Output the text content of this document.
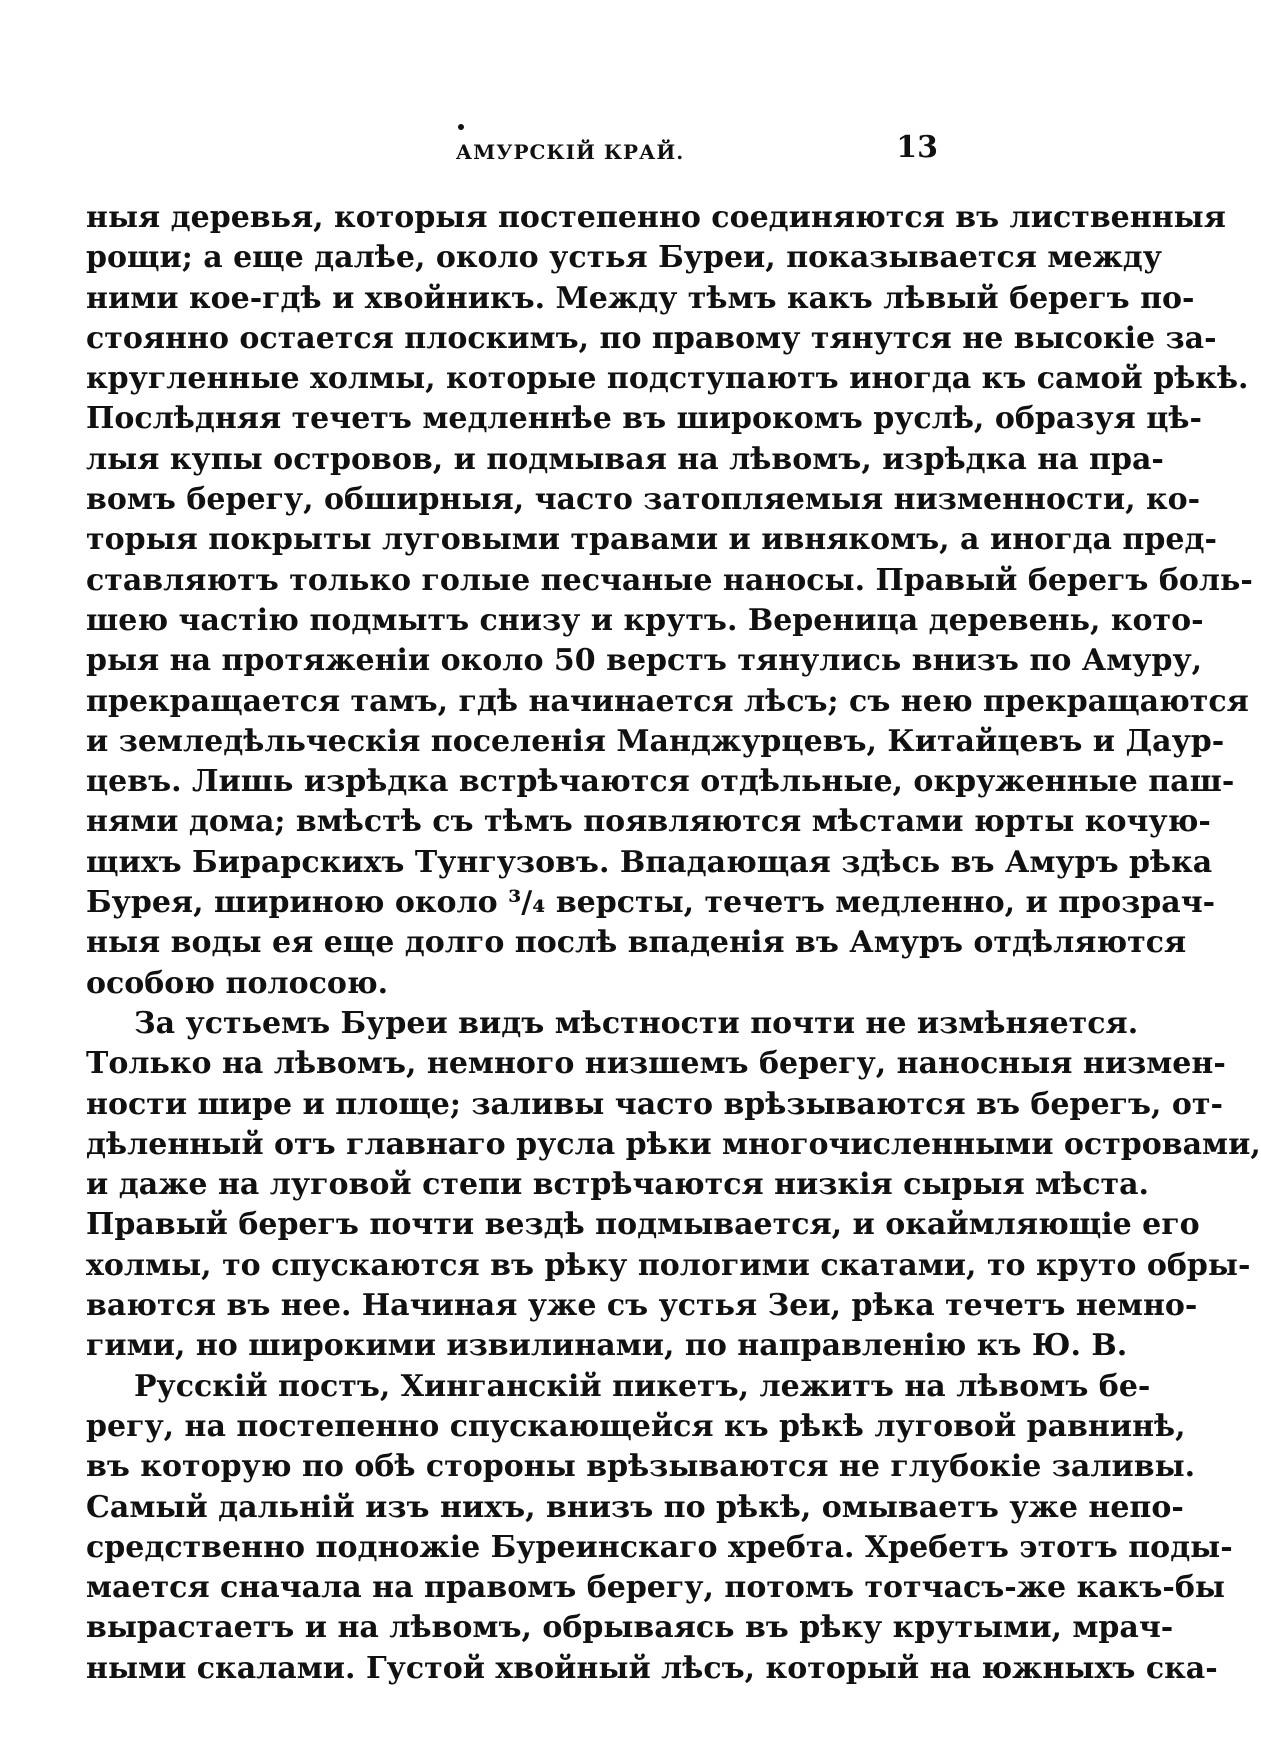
АМУРСКІЙ КРАЙ.	13
ныя деревья, которыя постепенно соединяются въ лиственныя
рощи; а еще далѣе, около устья Буреи, показывается между
ними кое-гдѣ и хвойникъ. Между тѣмъ какъ лѣвый берегъ по-
стоянно остается плоскимъ, по правому тянутся не высокіе за-
кругленные холмы, которые подступаютъ иногда къ самой рѣкѣ.
Послѣдняя течетъ медленнѣе въ широкомъ руслѣ, образуя цѣ-
лыя купы островов, и подмывая на лѣвомъ, изрѣдка на пра-
вомъ берегу, обширныя, часто затопляемыя низменности, ко-
торыя покрыты луговыми травами и ивнякомъ, а иногда пред-
ставляютъ только голые песчаные наносы. Правый берегъ боль-
шею частію подмытъ снизу и крутъ. Вереница деревень, кото-
рыя на протяженіи около 50 верстъ тянулись внизъ по Амуру,
прекращается тамъ, гдѣ начинается лѣсъ; съ нею прекращаются
и земледѣльческія поселенія Манджурцевъ, Китайцевъ и Даур-
цевъ. Лишь изрѣдка встрѣчаются отдѣльные, окруженные паш-
нями дома; вмѣстѣ съ тѣмъ появляются мѣстами юрты кочую-
щихъ Бирарскихъ Тунгузовъ. Впадающая здѣсь въ Амуръ рѣка
Бурея, шириною около ³/₄ версты, течетъ медленно, и прозрач-
ныя воды ея еще долго послѣ впаденія въ Амуръ отдѣляются
особою полосою.
За устьемъ Буреи видъ мѣстности почти не измѣняется.
Только на лѣвомъ, немного низшемъ берегу, наносныя низмен-
ности шире и площе; заливы часто врѣзываются въ берегъ, от-
дѣленный отъ главнаго русла рѣки многочисленными островами,
и даже на луговой степи встрѣчаются низкія сырыя мѣста.
Правый берегъ почти вездѣ подмывается, и окаймляющіе его
холмы, то спускаются въ рѣку пологими скатами, то круто обры-
ваются въ нее. Начиная уже съ устья Зеи, рѣка течетъ немно-
гими, но широкими извилинами, по направленію къ Ю. В.
Русскій постъ, Хинганскій пикетъ, лежитъ на лѣвомъ бе-
регу, на постепенно спускающейся къ рѣкѣ луговой равнинѣ,
въ которую по обѣ стороны врѣзываются не глубокіе заливы.
Самый дальній изъ нихъ, внизъ по рѣкѣ, омываетъ уже непо-
средственно подножіе Буреинскаго хребта. Хребетъ этотъ поды-
мается сначала на правомъ берегу, потомъ тотчасъ-же какъ-бы
вырастаетъ и на лѣвомъ, обрываясь въ рѣку крутыми, мрач-
ными скалами. Густой хвойный лѣсъ, который на южныхъ ска-
